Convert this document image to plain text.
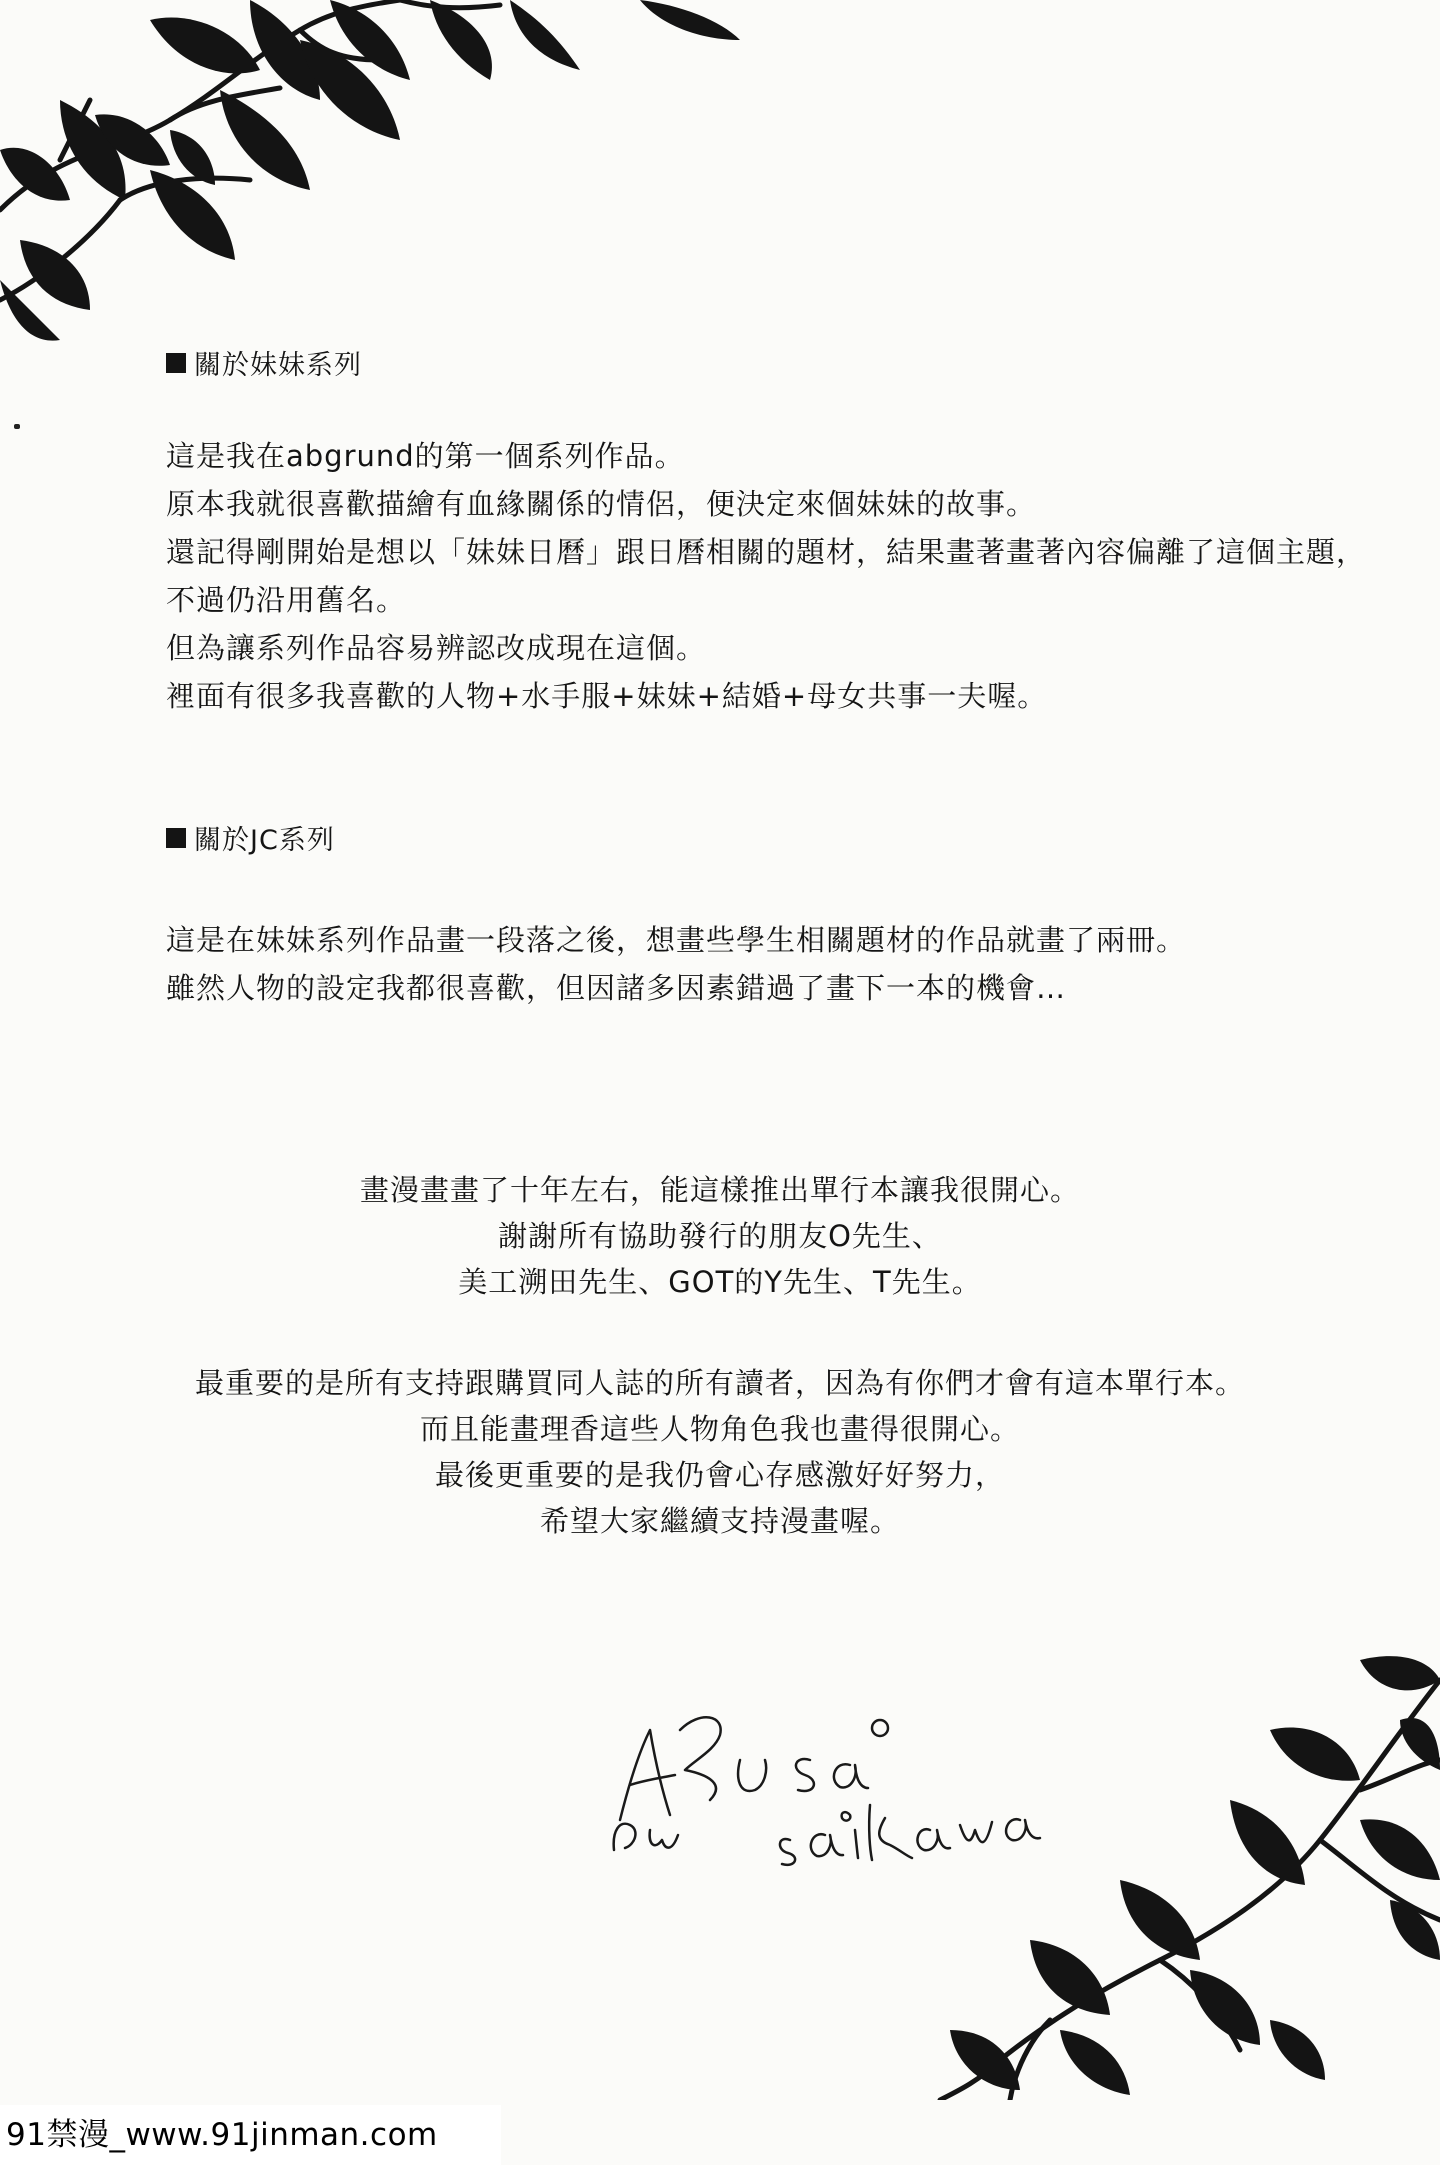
關於妹妹系列

這是我在abgrund的第一個系列作品。

原本我就很喜歡描繪有血緣關係的情侶，便決定來個妹妹的故事。

還記得剛開始是想以「妹妹日曆」跟日曆相關的題材，結果畫著畫著內容偏離了這個主題，

不過仍沿用舊名。

但為讓系列作品容易辨認改成現在這個。

裡面有很多我喜歡的人物+水手服+妹妹+結婚+母女共事一夫喔。

關於JC系列

這是在妹妹系列作品畫一段落之後，想畫些學生相關題材的作品就畫了兩冊。

雖然人物的設定我都很喜歡，但因諸多因素錯過了畫下一本的機會…

畫漫畫畫了十年左右，能這樣推出單行本讓我很開心。

謝謝所有協助發行的朋友O先生、

美工溯田先生、GOT的Y先生、T先生。

最重要的是所有支持跟購買同人誌的所有讀者，因為有你們才會有這本單行本。

而且能畫理香這些人物角色我也畫得很開心。

最後更重要的是我仍會心存感激好好努力，

希望大家繼續支持漫畫喔。

91禁漫_www.91jinman.com
